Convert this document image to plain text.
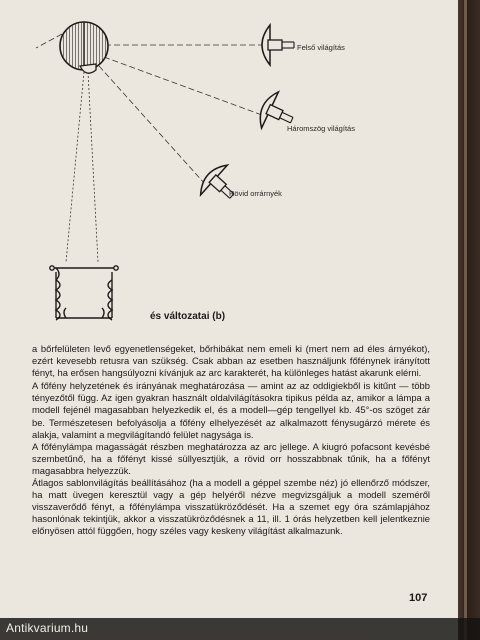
Felső világítás
Háromszög világítás
Rövid orrárnyék
és változatai (b)

a bőrfelületen levő egyenetlenségeket, bőrhibákat nem emeli ki (mert nem ad éles árnyékot), ezért kevesebb retusra van szükség. Csak abban az esetben használjunk főfénynek irányított fényt, ha erősen hangsúlyozni kívánjuk az arc karakterét, ha különleges hatást akarunk elérni.

A főfény helyzetének és irányának meghatározása — amint az az oddigiekből is kitűnt — több tényezőtől függ. Az igen gyakran használt oldalvilágításokra tipikus példa az, amikor a lámpa a modell fejénél magasabban helyezkedik el, és a modell—gép tengellyel kb. 45°-os szöget zár be. Természetesen befolyásolja a főfény elhelyezését az alkalmazott fénysugárzó mérete és alakja, valamint a megvilágítandó felület nagysága is.

A főfénylámpa magasságát részben meghatározza az arc jellege. A kiugró pofacsont kevésbé szembetűnő, ha a főfényt kissé süllyesztjük, a rövid orr hosszabbnak tűnik, ha a főfényt magasabbra helyezzük.

Átlagos sablonvilágítás beállításához (ha a modell a géppel szembe néz) jó ellenőrző módszer, ha matt üvegen keresztül vagy a gép helyéről nézve megvizsgáljuk a modell szeméről visszaverődő fényt, a főfénylámpa visszatükröződését. Ha a szemet egy óra számlapjához hasonlónak tekintjük, akkor a visszatükröződésnek a 11, ill. 1 órás helyzetben kell jelentkeznie előnyösen attól függően, hogy széles vagy keskeny világítást alkalmazunk.

107
Antikvarium.hu
